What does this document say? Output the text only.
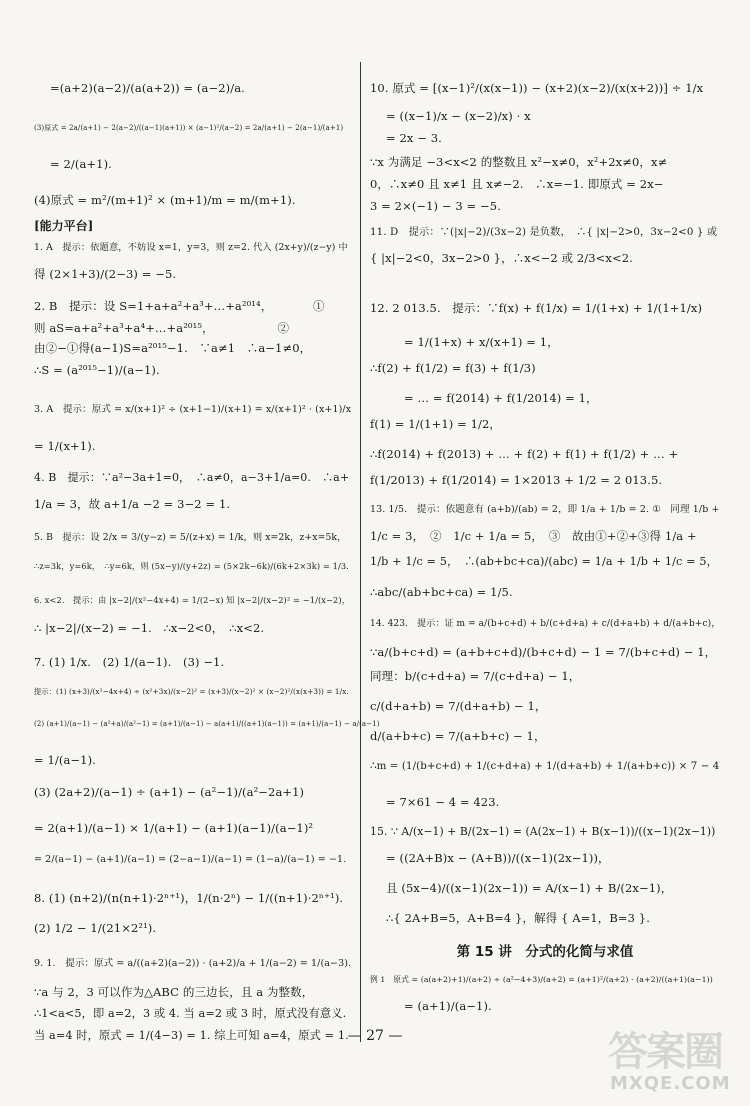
=(a+2)(a−2)/(a(a+2)) = (a−2)/a.
(3)原式 = 2a/(a+1) − 2(a−2)/((a−1)(a+1)) × (a−1)²/(a−2) = 2a/(a+1) − 2(a−1)/(a+1)
= 2/(a+1).
(4)原式 = m²/(m+1)² × (m+1)/m = m/(m+1).
[能力平台]
1. A　提示：依题意，不妨设 x=1，y=3，则 z=2. 代入 (2x+y)/(z−y) 中
得 (2×1+3)/(2−3) = −5.
2. B　提示：设 S=1+a+a²+a³+…+a²⁰¹⁴，　　　　①
则 aS=a+a²+a³+a⁴+…+a²⁰¹⁵，　　　　　　②
由②−①得(a−1)S=a²⁰¹⁵−1.　∵a≠1　∴a−1≠0，
∴S = (a²⁰¹⁵−1)/(a−1).
3. A　提示：原式 = x/(x+1)² ÷ (x+1−1)/(x+1) = x/(x+1)² · (x+1)/x
= 1/(x+1).
4. B　提示：∵a²−3a+1=0，　∴a≠0，a−3+1/a=0.　∴a+
1/a = 3，故 a+1/a −2 = 3−2 = 1.
5. B　提示：设 2/x = 3/(y−z) = 5/(z+x) = 1/k，则 x=2k，z+x=5k，
∴z=3k，y=6k，　∴y=6k，则 (5x−y)/(y+2z) = (5×2k−6k)/(6k+2×3k) = 1/3.
6. x<2.　提示：由 |x−2|/(x²−4x+4) = 1/(2−x) 知 |x−2|/(x−2)² = −1/(x−2)，
∴ |x−2|/(x−2) = −1.　∴x−2<0，　∴x<2.
7. (1) 1/x.　(2) 1/(a−1).　(3) −1.
提示：(1) (x+3)/(x²−4x+4) ÷ (x²+3x)/(x−2)² = (x+3)/(x−2)² × (x−2)²/(x(x+3)) = 1/x.
(2) (a+1)/(a−1) − (a²+a)/(a²−1) = (a+1)/(a−1) − a(a+1)/((a+1)(a−1)) = (a+1)/(a−1) − a/(a−1)
= 1/(a−1).
(3) (2a+2)/(a−1) ÷ (a+1) − (a²−1)/(a²−2a+1)
= 2(a+1)/(a−1) × 1/(a+1) − (a+1)(a−1)/(a−1)²
= 2/(a−1) − (a+1)/(a−1) = (2−a−1)/(a−1) = (1−a)/(a−1) = −1.
8. (1) (n+2)/(n(n+1)·2ⁿ⁺¹)，1/(n·2ⁿ) − 1/((n+1)·2ⁿ⁺¹).
(2) 1/2 − 1/(21×2²¹).
9. 1.　提示：原式 = a/((a+2)(a−2)) · (a+2)/a + 1/(a−2) = 1/(a−3).
∵a 与 2，3 可以作为△ABC 的三边长，且 a 为整数，
∴1<a<5，即 a=2，3 或 4. 当 a=2 或 3 时，原式没有意义.
当 a=4 时，原式 = 1/(4−3) = 1. 综上可知 a=4，原式 = 1.
10. 原式 = [(x−1)²/(x(x−1)) − (x+2)(x−2)/(x(x+2))] ÷ 1/x
= ((x−1)/x − (x−2)/x) · x
= 2x − 3.
∵x 为满足 −3<x<2 的整数且 x²−x≠0，x²+2x≠0，x≠
0，∴x≠0 且 x≠1 且 x≠−2.　∴x=−1. 即原式 = 2x−
3 = 2×(−1) − 3 = −5.
11. D　提示：∵(|x|−2)/(3x−2) 是负数，　∴{ |x|−2>0，3x−2<0 } 或
{ |x|−2<0，3x−2>0 }，∴x<−2 或 2/3<x<2.
12. 2 013.5.　提示：∵f(x) + f(1/x) = 1/(1+x) + 1/(1+1/x)
= 1/(1+x) + x/(x+1) = 1，
∴f(2) + f(1/2) = f(3) + f(1/3)
= … = f(2014) + f(1/2014) = 1，
f(1) = 1/(1+1) = 1/2，
∴f(2014) + f(2013) + … + f(2) + f(1) + f(1/2) + … +
f(1/2013) + f(1/2014) = 1×2013 + 1/2 = 2 013.5.
13. 1/5.　提示：依题意有 (a+b)/(ab) = 2，即 1/a + 1/b = 2. ①　同理 1/b +
1/c = 3，　②　1/c + 1/a = 5，　③　故由①+②+③得 1/a +
1/b + 1/c = 5，　∴(ab+bc+ca)/(abc) = 1/a + 1/b + 1/c = 5，
∴abc/(ab+bc+ca) = 1/5.
14. 423.　提示：证 m = a/(b+c+d) + b/(c+d+a) + c/(d+a+b) + d/(a+b+c)，
∵a/(b+c+d) = (a+b+c+d)/(b+c+d) − 1 = 7/(b+c+d) − 1，
同理：b/(c+d+a) = 7/(c+d+a) − 1，
c/(d+a+b) = 7/(d+a+b) − 1，
d/(a+b+c) = 7/(a+b+c) − 1，
∴m = (1/(b+c+d) + 1/(c+d+a) + 1/(d+a+b) + 1/(a+b+c)) × 7 − 4
= 7×61 − 4 = 423.
15. ∵ A/(x−1) + B/(2x−1) = (A(2x−1) + B(x−1))/((x−1)(2x−1))
= ((2A+B)x − (A+B))/((x−1)(2x−1))，
且 (5x−4)/((x−1)(2x−1)) = A/(x−1) + B/(2x−1)，
∴{ 2A+B=5，A+B=4 }，解得 { A=1，B=3 }.
第 15 讲　分式的化简与求值
例 1　原式 = (a(a+2)+1)/(a+2) ÷ (a²−4+3)/(a+2) = (a+1)²/(a+2) · (a+2)/((a+1)(a−1))
= (a+1)/(a−1).
— 27 —	答案圈
MXQE.COM
